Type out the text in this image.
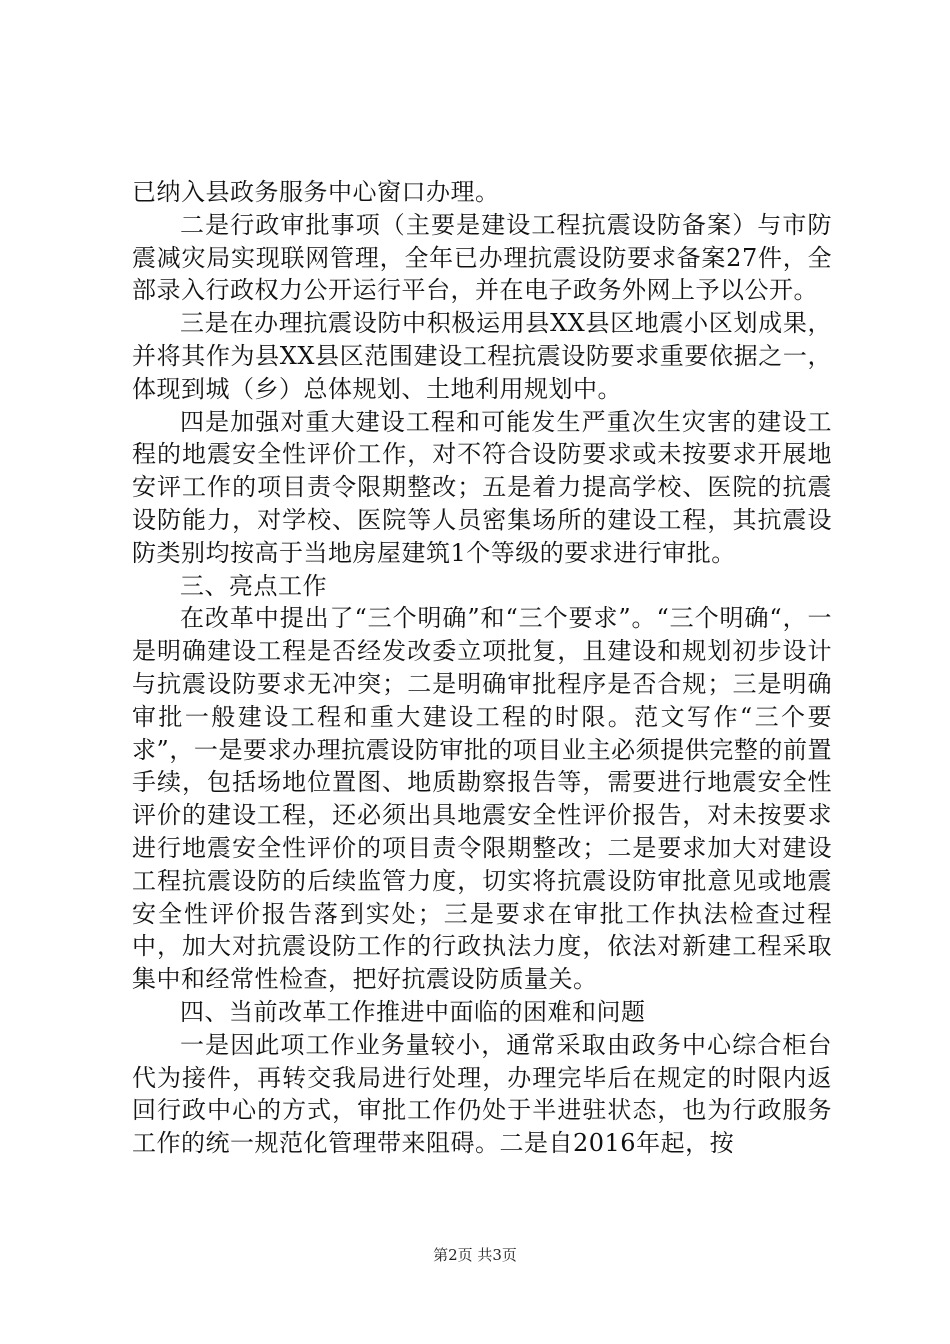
已纳入县政务服务中心窗口办理。

二是行政审批事项（主要是建设工程抗震设防备案）与市防震减灾局实现联网管理，全年已办理抗震设防要求备案27件，全部录入行政权力公开运行平台，并在电子政务外网上予以公开。

三是在办理抗震设防中积极运用县XX县区地震小区划成果，并将其作为县XX县区范围建设工程抗震设防要求重要依据之一，体现到城（乡）总体规划、土地利用规划中。

四是加强对重大建设工程和可能发生严重次生灾害的建设工程的地震安全性评价工作，对不符合设防要求或未按要求开展地安评工作的项目责令限期整改；五是着力提高学校、医院的抗震设防能力，对学校、医院等人员密集场所的建设工程，其抗震设防类别均按高于当地房屋建筑1个等级的要求进行审批。

三、亮点工作

在改革中提出了“三个明确”和“三个要求”。“三个明确“，一是明确建设工程是否经发改委立项批复，且建设和规划初步设计与抗震设防要求无冲突；二是明确审批程序是否合规；三是明确审批一般建设工程和重大建设工程的时限。范文写作“三个要求”，一是要求办理抗震设防审批的项目业主必须提供完整的前置手续，包括场地位置图、地质勘察报告等，需要进行地震安全性评价的建设工程，还必须出具地震安全性评价报告，对未按要求进行地震安全性评价的项目责令限期整改；二是要求加大对建设工程抗震设防的后续监管力度，切实将抗震设防审批意见或地震安全性评价报告落到实处；三是要求在审批工作执法检查过程中，加大对抗震设防工作的行政执法力度，依法对新建工程采取集中和经常性检查，把好抗震设防质量关。

四、当前改革工作推进中面临的困难和问题

一是因此项工作业务量较小，通常采取由政务中心综合柜台代为接件，再转交我局进行处理，办理完毕后在规定的时限内返回行政中心的方式，审批工作仍处于半进驻状态，也为行政服务工作的统一规范化管理带来阻碍。二是自2016年起，按

第2页 共3页
